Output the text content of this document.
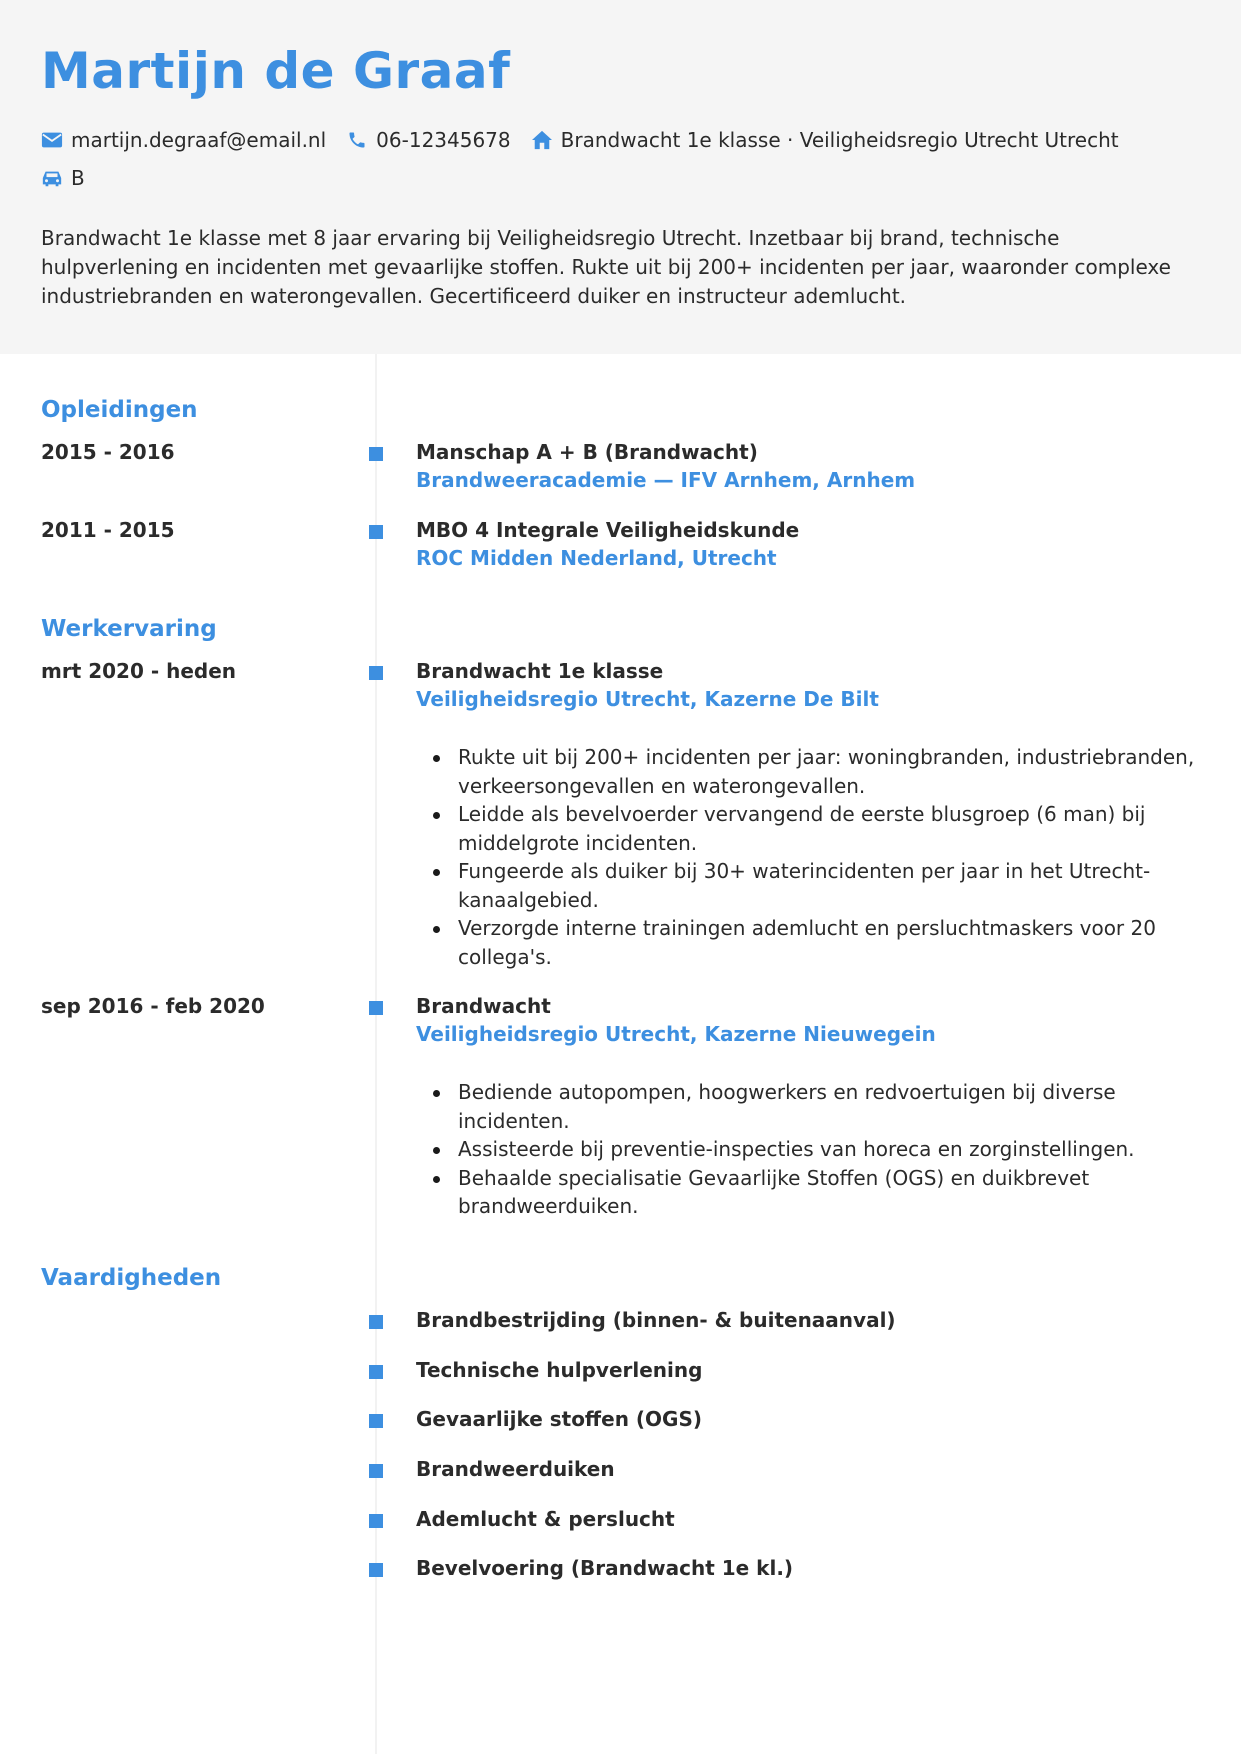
Martijn de Graaf
martijn.degraaf@email.nl	06-12345678	Brandwacht 1e klasse · Veiligheidsregio Utrecht Utrecht
B
Brandwacht 1e klasse met 8 jaar ervaring bij Veiligheidsregio Utrecht. Inzetbaar bij brand, technische hulpverlening en incidenten met gevaarlijke stoffen. Rukte uit bij 200+ incidenten per jaar, waaronder complexe industriebranden en waterongevallen. Gecertificeerd duiker en instructeur ademlucht.
Opleidingen
2015 - 2016	Manschap A + B (Brandwacht)
Brandweeracademie — IFV Arnhem, Arnhem
2011 - 2015	MBO 4 Integrale Veiligheidskunde
ROC Midden Nederland, Utrecht
Werkervaring
mrt 2020 - heden	Brandwacht 1e klasse
Veiligheidsregio Utrecht, Kazerne De Bilt
Rukte uit bij 200+ incidenten per jaar: woningbranden, industriebranden, verkeersongevallen en waterongevallen.
Leidde als bevelvoerder vervangend de eerste blusgroep (6 man) bij middelgrote incidenten.
Fungeerde als duiker bij 30+ waterincidenten per jaar in het Utrecht-kanaalgebied.
Verzorgde interne trainingen ademlucht en persluchtmaskers voor 20 collega's.
sep 2016 - feb 2020	Brandwacht
Veiligheidsregio Utrecht, Kazerne Nieuwegein
Bediende autopompen, hoogwerkers en redvoertuigen bij diverse incidenten.
Assisteerde bij preventie-inspecties van horeca en zorginstellingen.
Behaalde specialisatie Gevaarlijke Stoffen (OGS) en duikbrevet brandweerduiken.
Vaardigheden
Brandbestrijding (binnen- & buitenaanval)
Technische hulpverlening
Gevaarlijke stoffen (OGS)
Brandweerduiken
Ademlucht & perslucht
Bevelvoering (Brandwacht 1e kl.)
